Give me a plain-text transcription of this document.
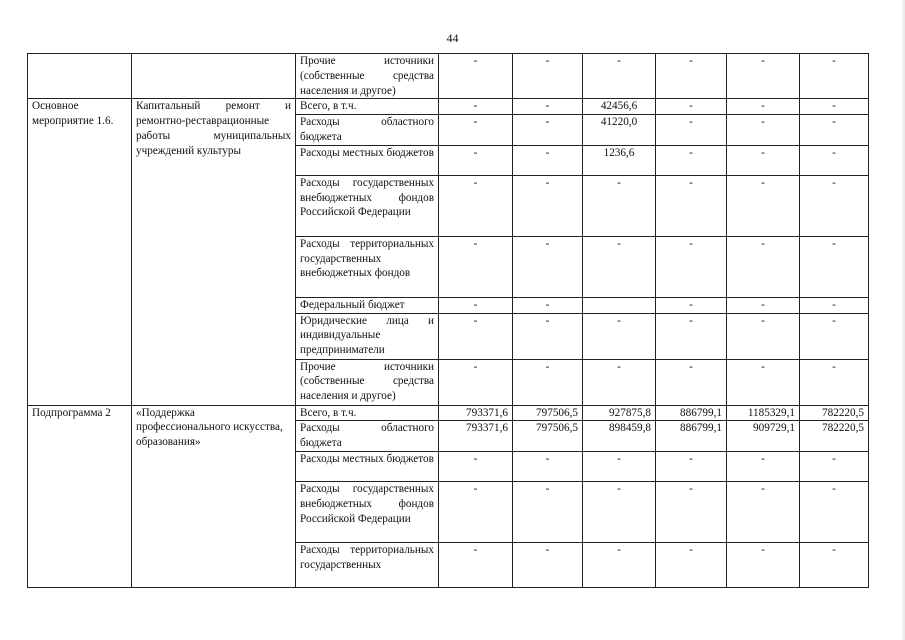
44
		Прочие источники (собственные средства населения и другое)	-	-	-	-	-	-
Основное мероприятие 1.6.	Капитальный ремонт и ремонтно-реставрационные работы муниципальных учреждений культуры	Всего, в т.ч.	-	-	42456,6	-	-	-
		Расходы областного бюджета	-	-	41220,0	-	-	-
		Расходы местных бюджетов	-	-	1236,6	-	-	-
		Расходы государственных внебюджетных фондов Российской Федерации	-	-	-	-	-	-
		Расходы территориальных государственных внебюджетных фондов	-	-	-	-	-	-
		Федеральный бюджет	-	-		-	-	-
		Юридические лица и индивидуальные предприниматели	-	-	-	-	-	-
		Прочие источники (собственные средства населения и другое)	-	-	-	-	-	-

Подпрограмма 2	«Поддержка профессионального искусства, образования»	Всего, в т.ч.	793371,6	797506,5	927875,8	886799,1	1185329,1	782220,5
		Расходы областного бюджета	793371,6	797506,5	898459,8	886799,1	909729,1	782220,5
		Расходы местных бюджетов	-	-	-	-	-	-
		Расходы государственных внебюджетных фондов Российской Федерации	-	-	-	-	-	-
		Расходы территориальных государственных	-	-	-	-	-	-
